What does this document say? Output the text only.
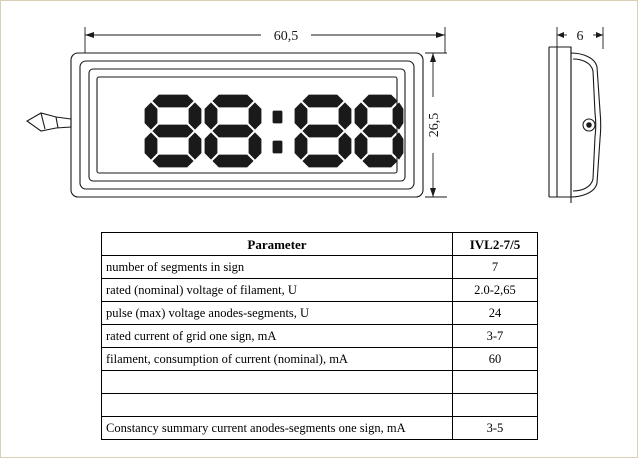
60,5
26,5
6
Parameter	IVL2-7/5
number of segments in sign	7
rated (nominal) voltage of filament, U	2.0-2,65
pulse (max) voltage anodes-segments, U	24
rated current of grid one sign, mA	3-7
filament, consumption of current (nominal), mA	60

Constancy summary current anodes-segments one sign, mA	3-5
